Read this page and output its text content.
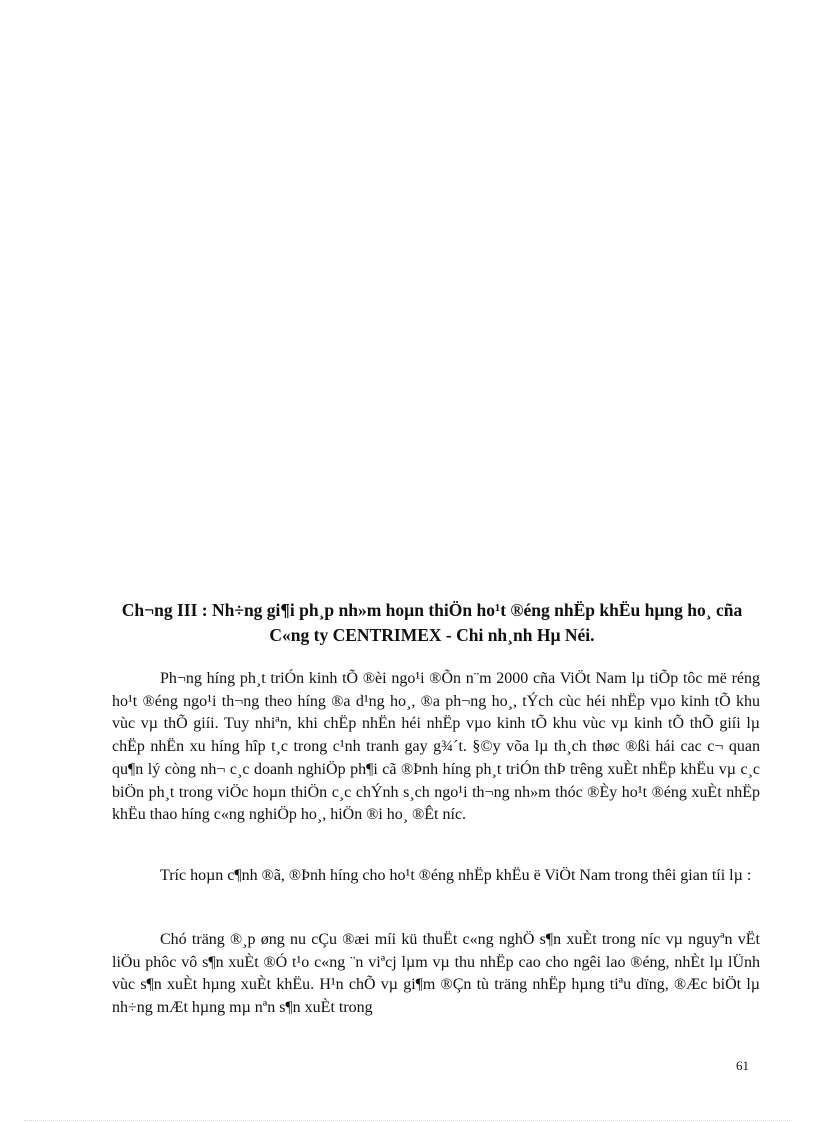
Ch¬ng III : Nh÷ng gi¶i ph¸p nh»m hoµn thiÖn ho¹t ®éng nhËp khËu hµng ho¸ cña C«ng ty CENTRIMEX - Chi nh¸nh Hµ Néi.

Ph¬ng híng ph¸t triÓn kinh tÕ ®èi ngo¹i ®Õn n¨m 2000 cña ViÖt Nam lµ tiÕp tôc më réng ho¹t ®éng ngo¹i th¬ng theo híng ®a d¹ng ho¸, ®a ph¬ng ho¸, tÝch cùc héi nhËp vµo kinh tÕ khu vùc vµ thÕ giíi. Tuy nhiªn, khi chËp nhËn héi nhËp vµo kinh tÕ khu vùc vµ kinh tÕ thÕ giíi lµ chËp nhËn xu híng hîp t¸c trong c¹nh tranh gay g¾´t. §©y võa lµ th¸ch thøc ®ßi hái cac c¬ quan qu¶n lý còng nh¬ c¸c doanh nghiÖp ph¶i cã ®Þnh híng ph¸t triÓn thÞ trêng xuÈt nhËp khËu vµ c¸c biÖn ph¸t trong viÖc hoµn thiÖn c¸c chÝnh s¸ch ngo¹i th¬ng nh»m thóc ®Èy ho¹t ®éng xuÈt nhËp khËu thao híng c«ng nghiÖp ho¸, hiÖn ®i ho¸ ®Êt níc.

Tríc hoµn c¶nh ®ã, ®Þnh híng cho ho¹t ®éng nhËp khËu ë ViÖt Nam trong thêi gian tíi lµ :

Chó träng ®¸p øng nu cÇu ®æi míi kü thuËt c«ng nghÖ s¶n xuÈt trong níc vµ nguyªn vËt liÖu phôc vô s¶n xuÈt ®Ó t¹o c«ng ¨n viªcj lµm vµ thu nhËp cao cho ngêi lao ®éng, nhÈt lµ lÜnh vùc s¶n xuÈt hµng xuÈt khËu. H¹n chÕ vµ gi¶m ®Çn tù träng nhËp hµng tiªu dïng, ®Æc biÖt lµ nh÷ng mÆt hµng mµ nªn s¶n xuÈt trong

61
